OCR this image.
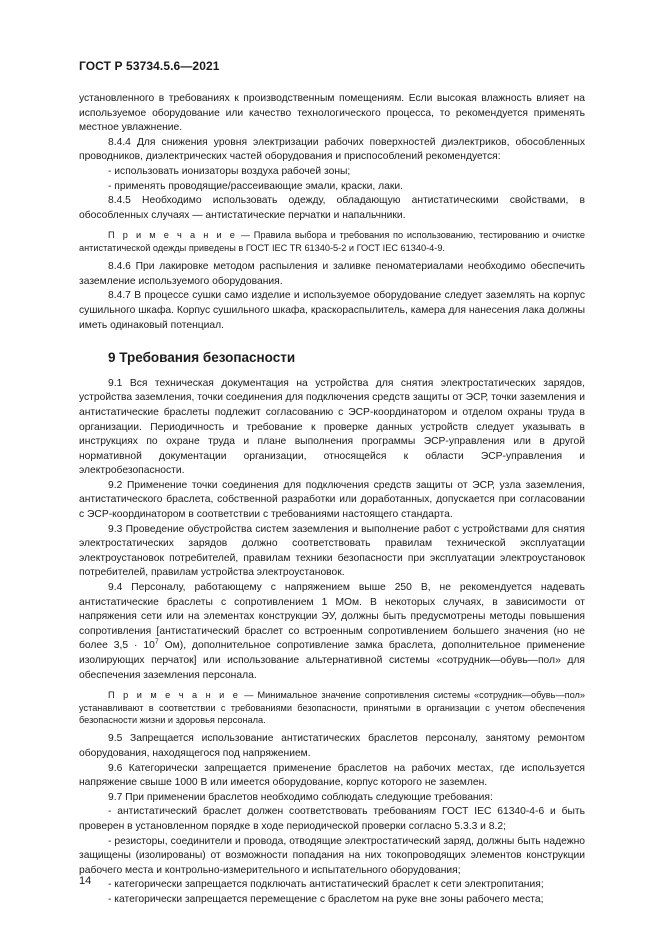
ГОСТ Р 53734.5.6—2021

установленного в требованиях к производственным помещениям. Если высокая влажность влияет на используемое оборудование или качество технологического процесса, то рекомендуется применять местное увлажнение.

8.4.4 Для снижения уровня электризации рабочих поверхностей диэлектриков, обособленных проводников, диэлектрических частей оборудования и приспособлений рекомендуется:

- использовать ионизаторы воздуха рабочей зоны;

- применять проводящие/рассеивающие эмали, краски, лаки.

8.4.5 Необходимо использовать одежду, обладающую антистатическими свойствами, в обособленных случаях — антистатические перчатки и напальчники.

П р и м е ч а н и е — Правила выбора и требования по использованию, тестированию и очистке антистатической одежды приведены в ГОСТ IEC TR 61340-5-2 и ГОСТ IEC 61340-4-9.

8.4.6 При лакировке методом распыления и заливке пеноматериалами необходимо обеспечить заземление используемого оборудования.

8.4.7 В процессе сушки само изделие и используемое оборудование следует заземлять на корпус сушильного шкафа. Корпус сушильного шкафа, краскораспылитель, камера для нанесения лака должны иметь одинаковый потенциал.

9 Требования безопасности

9.1 Вся техническая документация на устройства для снятия электростатических зарядов, устройства заземления, точки соединения для подключения средств защиты от ЭСР, точки заземления и антистатические браслеты подлежит согласованию с ЭСР-координатором и отделом охраны труда в организации. Периодичность и требование к проверке данных устройств следует указывать в инструкциях по охране труда и плане выполнения программы ЭСР-управления или в другой нормативной документации организации, относящейся к области ЭСР-управления и электробезопасности.

9.2 Применение точки соединения для подключения средств защиты от ЭСР, узла заземления, антистатического браслета, собственной разработки или доработанных, допускается при согласовании с ЭСР-координатором в соответствии с требованиями настоящего стандарта.

9.3 Проведение обустройства систем заземления и выполнение работ с устройствами для снятия электростатических зарядов должно соответствовать правилам технической эксплуатации электроустановок потребителей, правилам техники безопасности при эксплуатации электроустановок потребителей, правилам устройства электроустановок.

9.4 Персоналу, работающему с напряжением выше 250 В, не рекомендуется надевать антистатические браслеты с сопротивлением 1 МОм. В некоторых случаях, в зависимости от напряжения сети или на элементах конструкции ЭУ, должны быть предусмотрены методы повышения сопротивления [антистатический браслет со встроенным сопротивлением большего значения (но не более $3,5 \cdot 10^7$ Ом), дополнительное сопротивление замка браслета, дополнительное применение изолирующих перчаток] или использование альтернативной системы «сотрудник—обувь—пол» для обеспечения заземления персонала.

П р и м е ч а н и е — Минимальное значение сопротивления системы «сотрудник—обувь—пол» устанавливают в соответствии с требованиями безопасности, принятыми в организации с учетом обеспечения безопасности жизни и здоровья персонала.

9.5 Запрещается использование антистатических браслетов персоналу, занятому ремонтом оборудования, находящегося под напряжением.

9.6 Категорически запрещается применение браслетов на рабочих местах, где используется напряжение свыше 1000 В или имеется оборудование, корпус которого не заземлен.

9.7 При применении браслетов необходимо соблюдать следующие требования:

- антистатический браслет должен соответствовать требованиям ГОСТ IEC 61340-4-6 и быть проверен в установленном порядке в ходе периодической проверки согласно 5.3.3 и 8.2;

- резисторы, соединители и провода, отводящие электростатический заряд, должны быть надежно защищены (изолированы) от возможности попадания на них токопроводящих элементов конструкции рабочего места и контрольно-измерительного и испытательного оборудования;

- категорически запрещается подключать антистатический браслет к сети электропитания;

- категорически запрещается перемещение с браслетом на руке вне зоны рабочего места;

14
